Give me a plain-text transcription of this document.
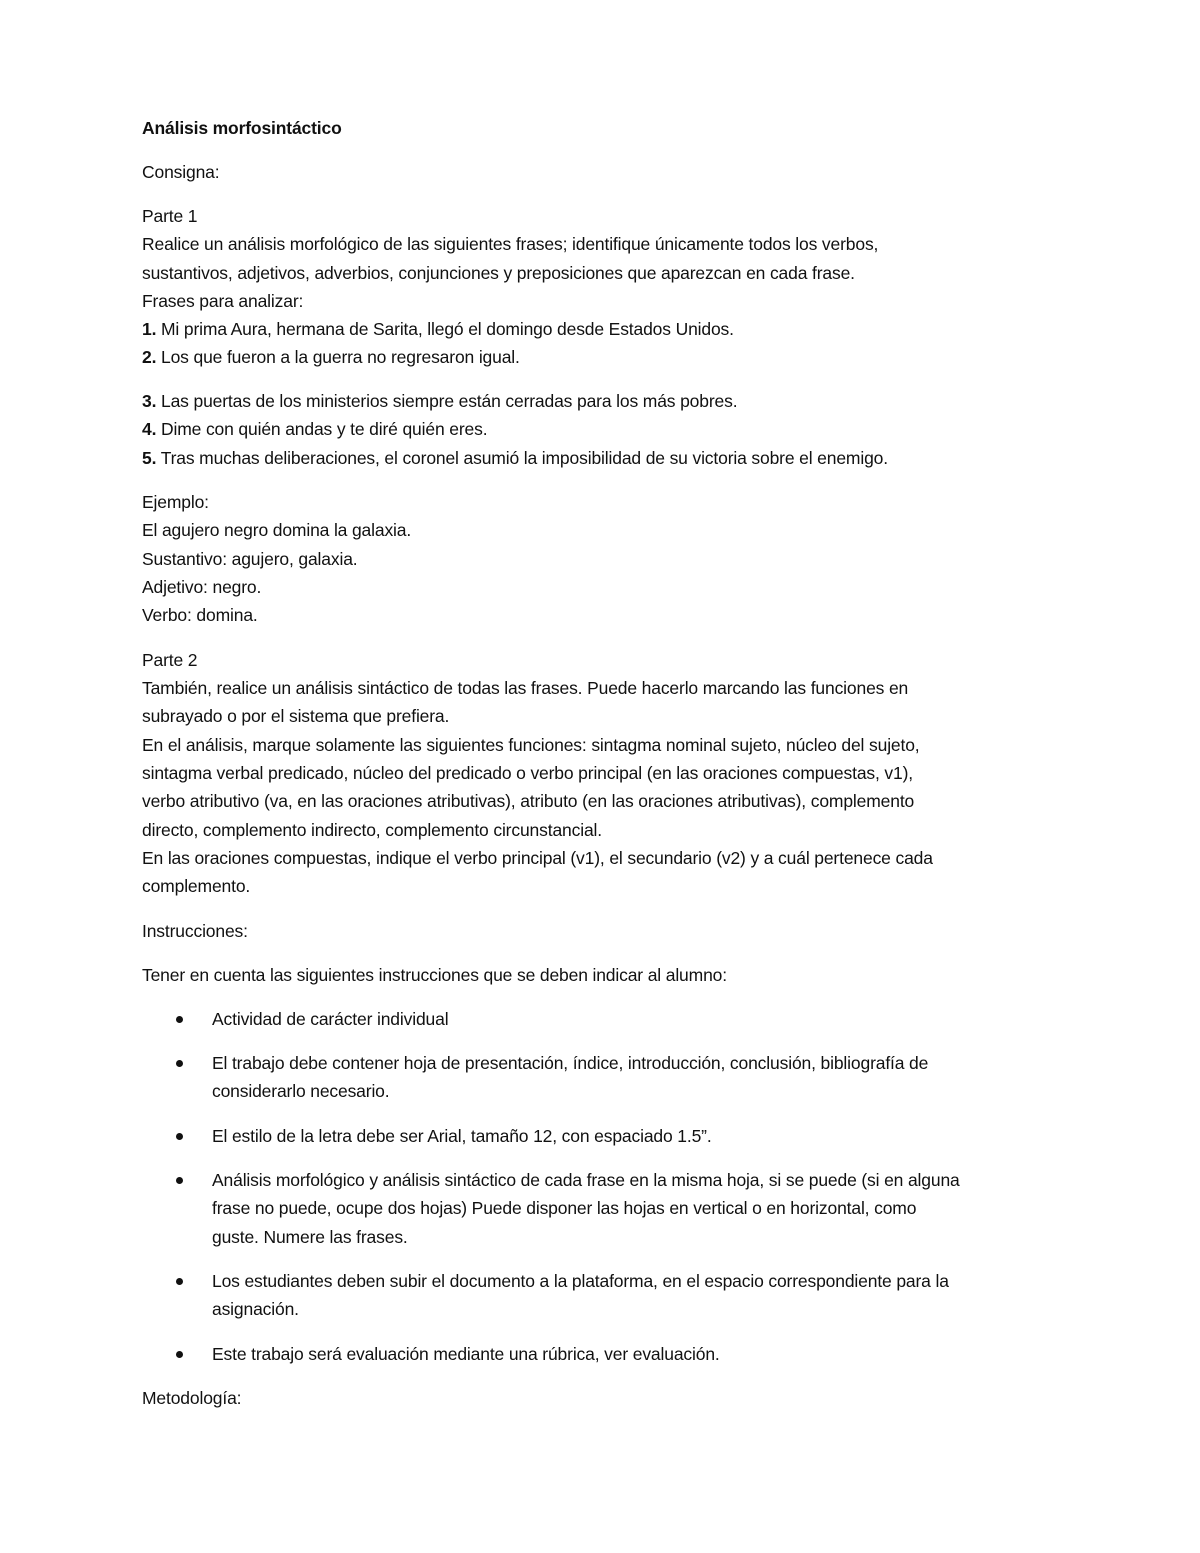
Análisis morfosintáctico

Consigna:

Parte 1

Realice un análisis morfológico de las siguientes frases; identifique únicamente todos los verbos,

sustantivos, adjetivos, adverbios, conjunciones y preposiciones que aparezcan en cada frase.

Frases para analizar:

1. Mi prima Aura, hermana de Sarita, llegó el domingo desde Estados Unidos.

2. Los que fueron a la guerra no regresaron igual.

3. Las puertas de los ministerios siempre están cerradas para los más pobres.

4. Dime con quién andas y te diré quién eres.

5. Tras muchas deliberaciones, el coronel asumió la imposibilidad de su victoria sobre el enemigo.

Ejemplo:

El agujero negro domina la galaxia.

Sustantivo: agujero, galaxia.

Adjetivo: negro.

Verbo: domina.

Parte 2

También, realice un análisis sintáctico de todas las frases. Puede hacerlo marcando las funciones en

subrayado o por el sistema que prefiera.

En el análisis, marque solamente las siguientes funciones: sintagma nominal sujeto, núcleo del sujeto,

sintagma verbal predicado, núcleo del predicado o verbo principal (en las oraciones compuestas, v1),

verbo atributivo (va, en las oraciones atributivas), atributo (en las oraciones atributivas), complemento

directo, complemento indirecto, complemento circunstancial.

En las oraciones compuestas, indique el verbo principal (v1), el secundario (v2) y a cuál pertenece cada

complemento.

Instrucciones:

Tener en cuenta las siguientes instrucciones que se deben indicar al alumno:

Actividad de carácter individual

El trabajo debe contener hoja de presentación, índice, introducción, conclusión, bibliografía de

considerarlo necesario.

El estilo de la letra debe ser Arial, tamaño 12, con espaciado 1.5”.

Análisis morfológico y análisis sintáctico de cada frase en la misma hoja, si se puede (si en alguna

frase no puede, ocupe dos hojas) Puede disponer las hojas en vertical o en horizontal, como

guste. Numere las frases.

Los estudiantes deben subir el documento a la plataforma, en el espacio correspondiente para la

asignación.

Este trabajo será evaluación mediante una rúbrica, ver evaluación.

Metodología:
